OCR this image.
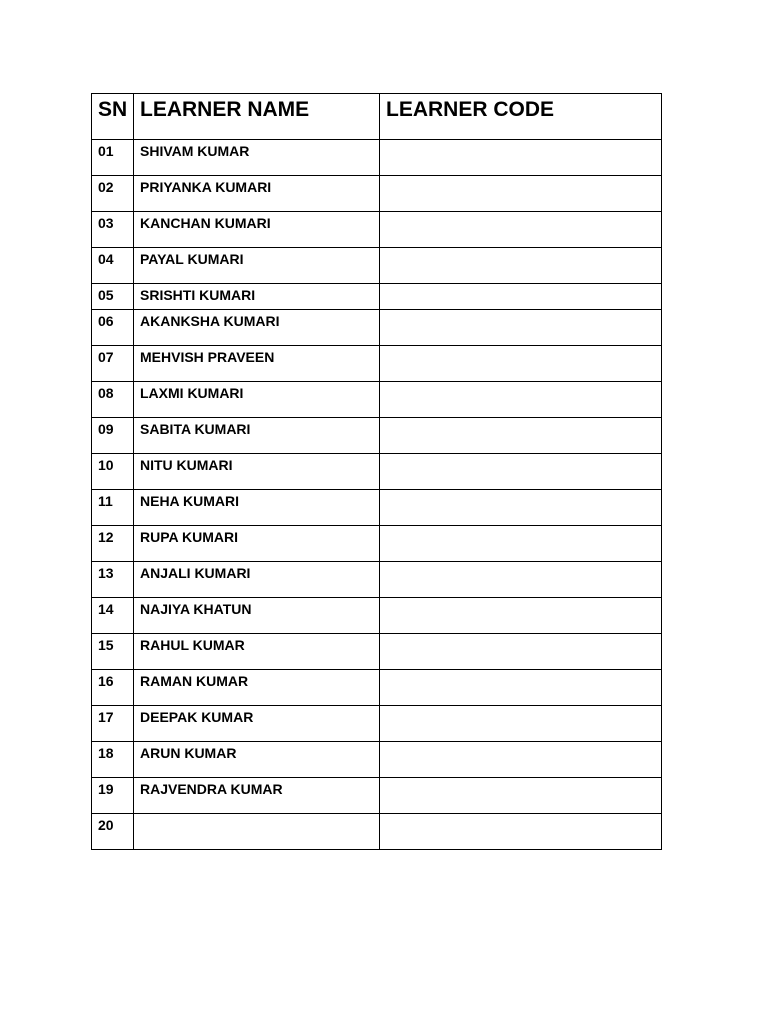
SN	LEARNER NAME	LEARNER CODE
01	SHIVAM KUMAR	
02	PRIYANKA KUMARI	
03	KANCHAN KUMARI	
04	PAYAL KUMARI	
05	SRISHTI KUMARI	
06	AKANKSHA KUMARI	
07	MEHVISH PRAVEEN	
08	LAXMI KUMARI	
09	SABITA KUMARI	
10	NITU KUMARI	
11	NEHA KUMARI	
12	RUPA KUMARI	
13	ANJALI KUMARI	
14	NAJIYA KHATUN	
15	RAHUL KUMAR	
16	RAMAN KUMAR	
17	DEEPAK KUMAR	
18	ARUN KUMAR	
19	RAJVENDRA KUMAR	
20		
